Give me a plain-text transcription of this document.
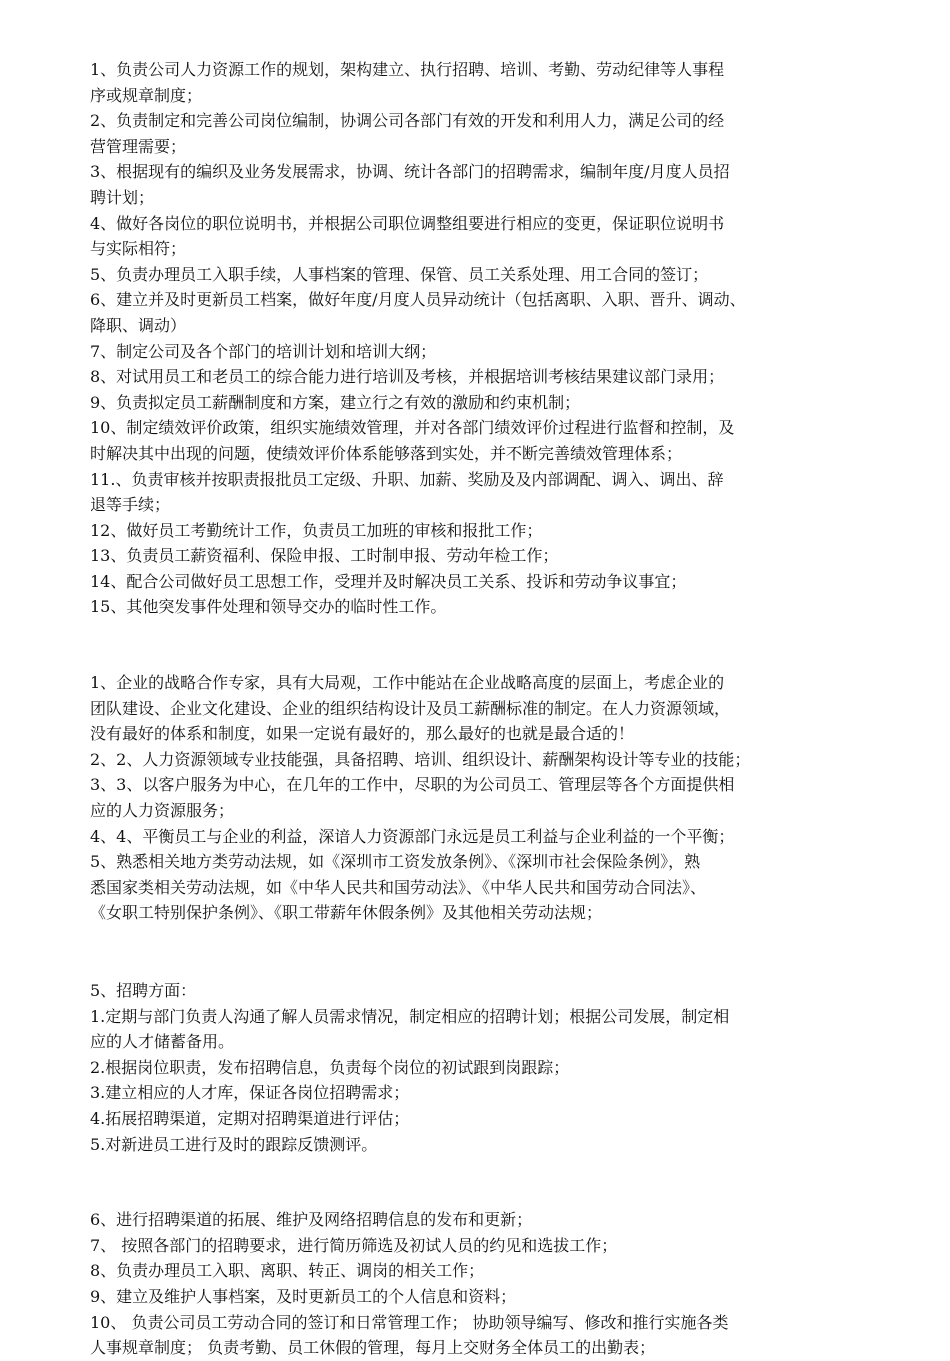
1、负责公司人力资源工作的规划，架构建立、执行招聘、培训、考勤、劳动纪律等人事程
序或规章制度；
2、负责制定和完善公司岗位编制，协调公司各部门有效的开发和利用人力，满足公司的经
营管理需要；
3、根据现有的编织及业务发展需求，协调、统计各部门的招聘需求，编制年度/月度人员招
聘计划；
4、做好各岗位的职位说明书，并根据公司职位调整组要进行相应的变更，保证职位说明书
与实际相符；
5、负责办理员工入职手续，人事档案的管理、保管、员工关系处理、用工合同的签订；
6、建立并及时更新员工档案，做好年度/月度人员异动统计（包括离职、入职、晋升、调动、
降职、调动）
7、制定公司及各个部门的培训计划和培训大纲；
8、对试用员工和老员工的综合能力进行培训及考核，并根据培训考核结果建议部门录用；
9、负责拟定员工薪酬制度和方案，建立行之有效的激励和约束机制；
10、制定绩效评价政策，组织实施绩效管理，并对各部门绩效评价过程进行监督和控制，及
时解决其中出现的问题，使绩效评价体系能够落到实处，并不断完善绩效管理体系；
11.、负责审核并按职责报批员工定级、升职、加薪、奖励及及内部调配、调入、调出、辞
退等手续；
12、做好员工考勤统计工作，负责员工加班的审核和报批工作；
13、负责员工薪资福利、保险申报、工时制申报、劳动年检工作；
14、配合公司做好员工思想工作，受理并及时解决员工关系、投诉和劳动争议事宜；
15、其他突发事件处理和领导交办的临时性工作。
1、企业的战略合作专家，具有大局观，工作中能站在企业战略高度的层面上，考虑企业的
团队建设、企业文化建设、企业的组织结构设计及员工薪酬标准的制定。在人力资源领域，
没有最好的体系和制度，如果一定说有最好的，那么最好的也就是最合适的！
2、2、人力资源领域专业技能强，具备招聘、培训、组织设计、薪酬架构设计等专业的技能；
3、3、以客户服务为中心，在几年的工作中，尽职的为公司员工、管理层等各个方面提供相
应的人力资源服务；
4、4、平衡员工与企业的利益，深谙人力资源部门永远是员工利益与企业利益的一个平衡；
5、熟悉相关地方类劳动法规，如《深圳市工资发放条例》、《深圳市社会保险条例》，熟
悉国家类相关劳动法规，如《中华人民共和国劳动法》、《中华人民共和国劳动合同法》、
《女职工特别保护条例》、《职工带薪年休假条例》及其他相关劳动法规；
5、招聘方面：
1.定期与部门负责人沟通了解人员需求情况，制定相应的招聘计划；根据公司发展，制定相
应的人才储蓄备用。
2.根据岗位职责，发布招聘信息，负责每个岗位的初试跟到岗跟踪；
3.建立相应的人才库，保证各岗位招聘需求；
4.拓展招聘渠道，定期对招聘渠道进行评估；
5.对新进员工进行及时的跟踪反馈测评。
6、进行招聘渠道的拓展、维护及网络招聘信息的发布和更新；
7、 按照各部门的招聘要求，进行简历筛选及初试人员的约见和选拔工作；
8、负责办理员工入职、离职、转正、调岗的相关工作；
9、建立及维护人事档案，及时更新员工的个人信息和资料；
10、 负责公司员工劳动合同的签订和日常管理工作； 协助领导编写、修改和推行实施各类
人事规章制度； 负责考勤、员工休假的管理，每月上交财务全体员工的出勤表；
